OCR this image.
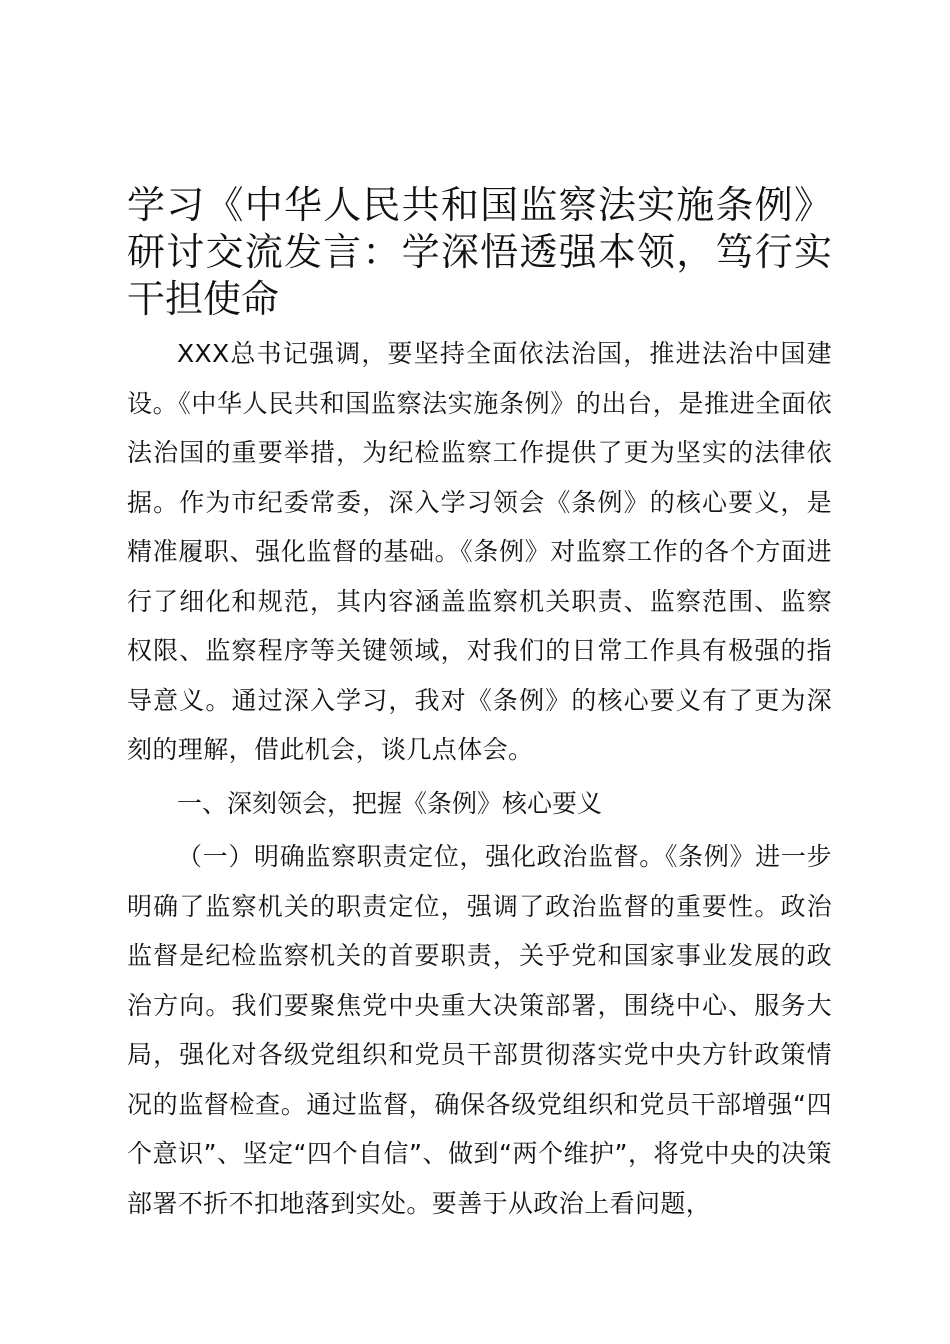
学习《中华人民共和国监察法实施条例》研讨交流发言：学深悟透强本领，笃行实干担使命

XXX总书记强调，要坚持全面依法治国，推进法治中国建设。《中华人民共和国监察法实施条例》的出台，是推进全面依法治国的重要举措，为纪检监察工作提供了更为坚实的法律依据。作为市纪委常委，深入学习领会《条例》的核心要义，是精准履职、强化监督的基础。《条例》对监察工作的各个方面进行了细化和规范，其内容涵盖监察机关职责、监察范围、监察权限、监察程序等关键领域，对我们的日常工作具有极强的指导意义。通过深入学习，我对《条例》的核心要义有了更为深刻的理解，借此机会，谈几点体会。

一、深刻领会，把握《条例》核心要义

（一）明确监察职责定位，强化政治监督。《条例》进一步明确了监察机关的职责定位，强调了政治监督的重要性。政治监督是纪检监察机关的首要职责，关乎党和国家事业发展的政治方向。我们要聚焦党中央重大决策部署，围绕中心、服务大局，强化对各级党组织和党员干部贯彻落实党中央方针政策情况的监督检查。通过监督，确保各级党组织和党员干部增强“四个意识”、坚定“四个自信”、做到“两个维护”，将党中央的决策部署不折不扣地落到实处。要善于从政治上看问题，
